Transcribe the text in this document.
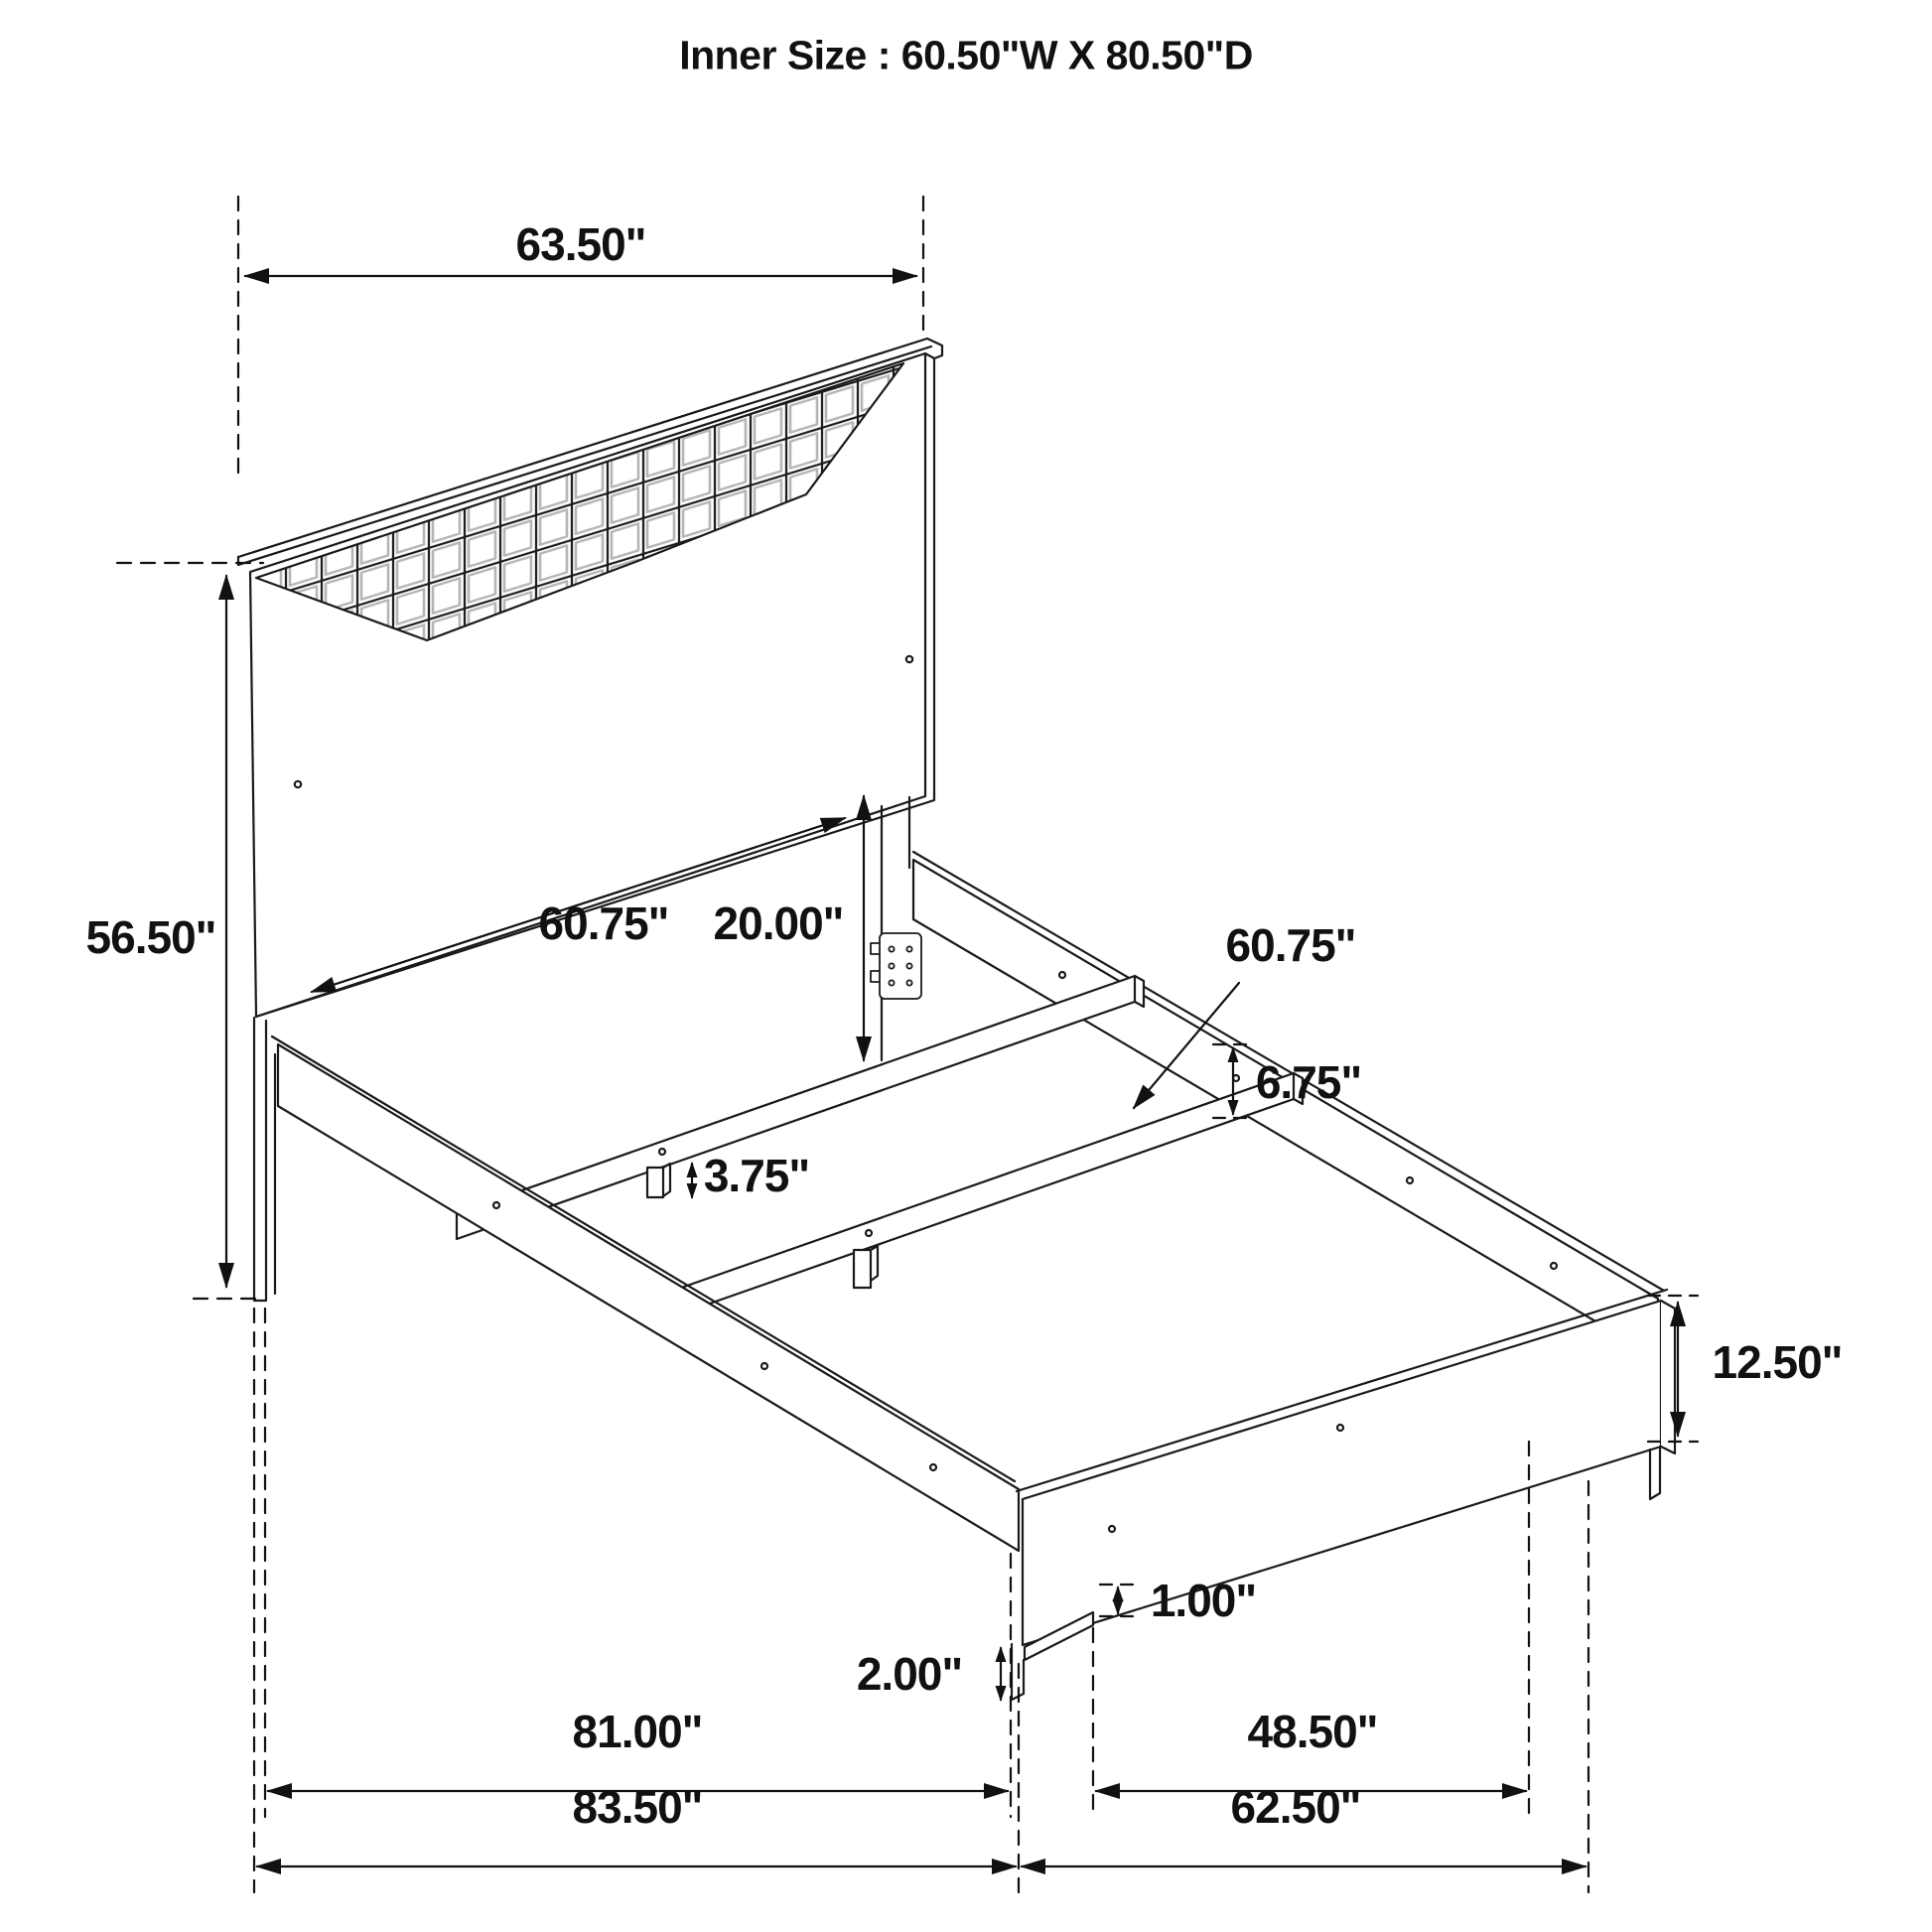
Inner Size : 60.50"W X 80.50"D
63.50"
56.50"	60.75" 20.00"	60.75"
6.75"
3.75"
12.50"
2.00"
1.00"
81.00"	48.50"
83.50"	62.50"
